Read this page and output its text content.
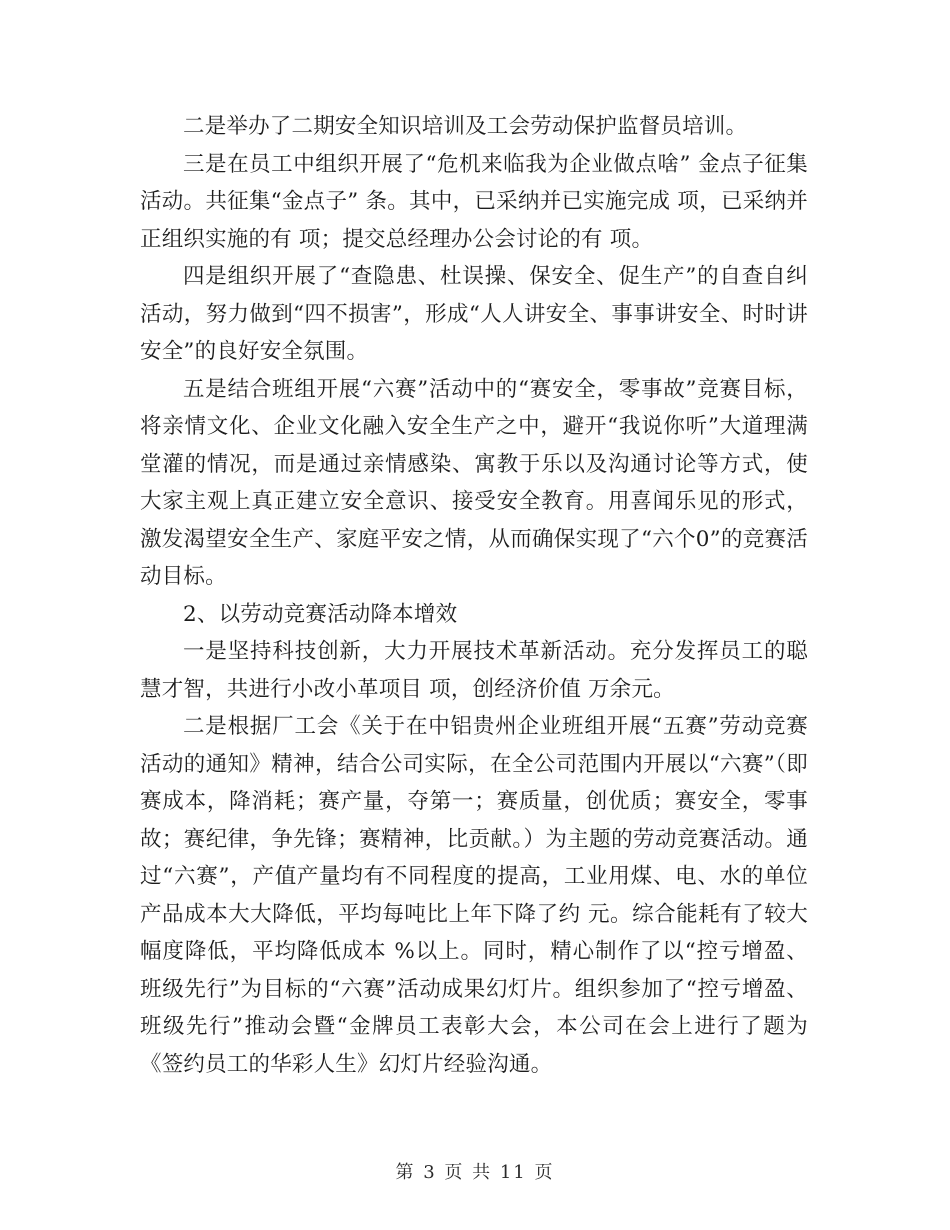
二是举办了二期安全知识培训及工会劳动保护监督员培训。

三是在员工中组织开展了“危机来临我为企业做点啥” 金点子征集活动。共征集“金点子” 条。其中，已采纳并已实施完成 项，已采纳并正组织实施的有 项；提交总经理办公会讨论的有 项。

四是组织开展了“查隐患、杜误操、保安全、促生产”的自查自纠活动，努力做到“四不损害”，形成“人人讲安全、事事讲安全、时时讲安全”的良好安全氛围。

五是结合班组开展“六赛”活动中的“赛安全，零事故”竞赛目标，将亲情文化、企业文化融入安全生产之中，避开“我说你听”大道理满堂灌的情况，而是通过亲情感染、寓教于乐以及沟通讨论等方式，使大家主观上真正建立安全意识、接受安全教育。用喜闻乐见的形式，激发渴望安全生产、家庭平安之情，从而确保实现了“六个0”的竞赛活动目标。

2、以劳动竞赛活动降本增效

一是坚持科技创新，大力开展技术革新活动。充分发挥员工的聪慧才智，共进行小改小革项目 项，创经济价值 万余元。

二是根据厂工会《关于在中铝贵州企业班组开展“五赛”劳动竞赛活动的通知》精神，结合公司实际，在全公司范围内开展以“六赛”（即赛成本，降消耗；赛产量，夺第一；赛质量，创优质；赛安全，零事故；赛纪律，争先锋；赛精神，比贡献。）为主题的劳动竞赛活动。通过“六赛”，产值产量均有不同程度的提高，工业用煤、电、水的单位产品成本大大降低，平均每吨比上年下降了约 元。综合能耗有了较大幅度降低，平均降低成本 %以上。同时，精心制作了以“控亏增盈、班级先行”为目标的“六赛”活动成果幻灯片。组织参加了“控亏增盈、班级先行”推动会暨“金牌员工表彰大会，本公司在会上进行了题为《签约员工的华彩人生》幻灯片经验沟通。

第 3 页 共 11 页
